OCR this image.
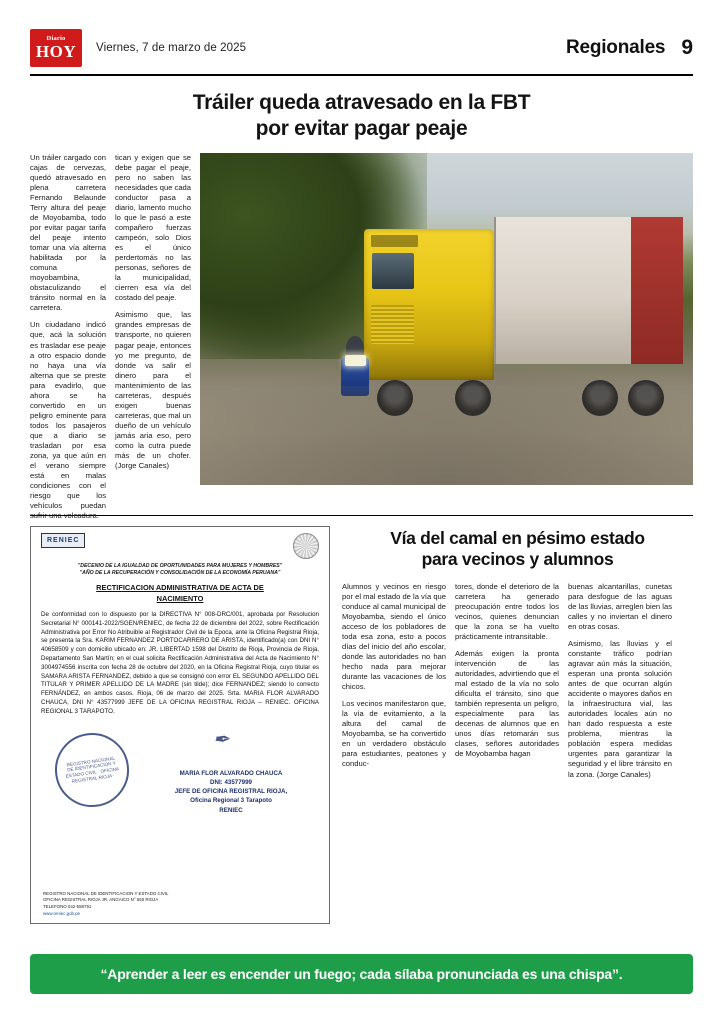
Diario
HOY Viernes, 7 de marzo de 2025	Regionales 9
Tráiler queda atravesado en la FBT
por evitar pagar peaje

Un tráiler cargado con cajas de cervezas, quedó atravesado en plena carretera Fernando Belaunde Terry altura del peaje de Moyobamba, todo por evitar pagar tarifa del peaje intento tomar una vía alterna habilitada por la comuna moyobambina, obstaculizando el tránsito normal en la carretera.

Un ciudadano indicó que, acá la solución es trasladar ese peaje a otro espacio donde no haya una vía alterna que se preste para evadirlo, que ahora se ha convertido en un peligro eminente para todos los pasajeros que a diario se trasladan por esa zona, ya que aún en el verano siempre está en malas condiciones con el riesgo que los vehículos puedan sufrir una volcadura.

tican y exigen que se debe pagar el peaje, pero no saben las necesidades que cada conductor pasa a diario, lamento mucho lo que le pasó a este compañero fuerzas campeón, solo Dios es el único perdertomás no las personas, señores de la municipalidad, cierren esa vía del costado del peaje.

Asimismo que, las grandes empresas de transporte, no quieren pagar peaje, entonces yo me pregunto, de donde va salir el dinero para el mantenimiento de las carreteras, después exigen buenas carreteras, que mal un dueño de un vehículo jamás aria eso, pero como la cutra puede más de un chofer. (Jorge Canales)

RENIEC
"DECENIO DE LA IGUALDAD DE OPORTUNIDADES PARA MUJERES Y HOMBRES"
"AÑO DE LA RECUPERACIÓN Y CONSOLIDACIÓN DE LA ECONOMÍA PERUANA"
RECTIFICACION ADMINISTRATIVA DE ACTA DE
NACIMIENTO
De conformidad con lo dispuesto por la DIRECTIVA N° 008-DRC/001, aprobada por Resolucion Secretarial N° 000141-2022/SGEN/RENIEC, de fecha 22 de diciembre del 2022, sobre Rectificación Administrativa por Error No Atribuible al Registrador Civil de la Epoca, ante la Oficina Registral Rioja, se presenta la Sra. KARIM FERNANDEZ PORTOCARRERO DE ARISTA, identificado(a) con DNI N° 40658509 y con domicilio ubicado en: JR. LIBERTAD 1598 del Distrito de Rioja, Provincia de Rioja, Departamento San Martín; en el cual solicita Rectificación Administrativa del Acta de Nacimiento N° 3004974556 inscrita con fecha 28 de octubre del 2020, en la Oficina Registral Rioja, cuyo titular es SAMARA ARISTA FERNANDEZ, debido a que se consignó con error EL SEGUNDO APELLIDO DEL TITULAR Y PRIMER APELLIDO DE LA MADRE (sin tilde); dice FERNANDEZ; siendo lo correcto FERNÁNDEZ, en ambos casos. Rioja, 06 de marzo del 2025. Srta. MARIA FLOR ALVARADO CHAUCA, DNI N° 43577999 JEFE DE LA OFICINA REGISTRAL RIOJA – RENIEC. OFICINA REGIONAL 3 TARAPOTO.
REGISTRO NACIONAL DE IDENTIFICACION Y ESTADO CIVIL · OFICINA REGISTRAL RIOJA ·
✒
MARIA FLOR ALVARADO CHAUCA
DNI: 43577999
JEFE DE OFICINA REGISTRAL RIOJA,
Oficina Regional 3 Tarapoto
RENIEC
REGISTRO NACIONAL DE IDENTIFICACION Y ESTADO CIVIL
OFICINA REGISTRAL RIOJA JR. ANGAICO N° 650 RIOJA
TELEFONO 042-558791
www.reniec.gob.pe
Vía del camal en pésimo estado
para vecinos y alumnos

Alumnos y vecinos en riesgo por el mal estado de la vía que conduce al camal municipal de Moyobamba, siendo el único acceso de los pobladores de toda esa zona, esto a pocos días del inicio del año escolar, donde las autoridades no han hecho nada para mejorar durante las vacaciones de los chicos.

Los vecinos manifestaron que, la vía de evitamiento, a la altura del camal de Moyobamba, se ha convertido en un verdadero obstáculo para estudiantes, peatones y conduc-

tores, donde el deterioro de la carretera ha generado preocupación entre todos los vecinos, quienes denuncian que la zona se ha vuelto prácticamente intransitable.

Además exigen la pronta intervención de las autoridades, advirtiendo que el mal estado de la vía no solo dificulta el tránsito, sino que también representa un peligro, especialmente para las decenas de alumnos que en unos días retomarán sus clases, señores autoridades de Moyobamba hagan

buenas alcantarillas, cunetas para desfogue de las aguas de las lluvias, arreglen bien las calles y no inviertan el dinero en otras cosas.

Asimismo, las lluvias y el constante tráfico podrían agravar aún más la situación, esperan una pronta solución antes de que ocurran algún accidente o mayores daños en la infraestructura vial, las autoridades locales aún no han dado respuesta a este problema, mientras la población espera medidas urgentes para garantizar la seguridad y el libre tránsito en la zona. (Jorge Canales)

“Aprender a leer es encender un fuego; cada sílaba pronunciada es una chispa”.
